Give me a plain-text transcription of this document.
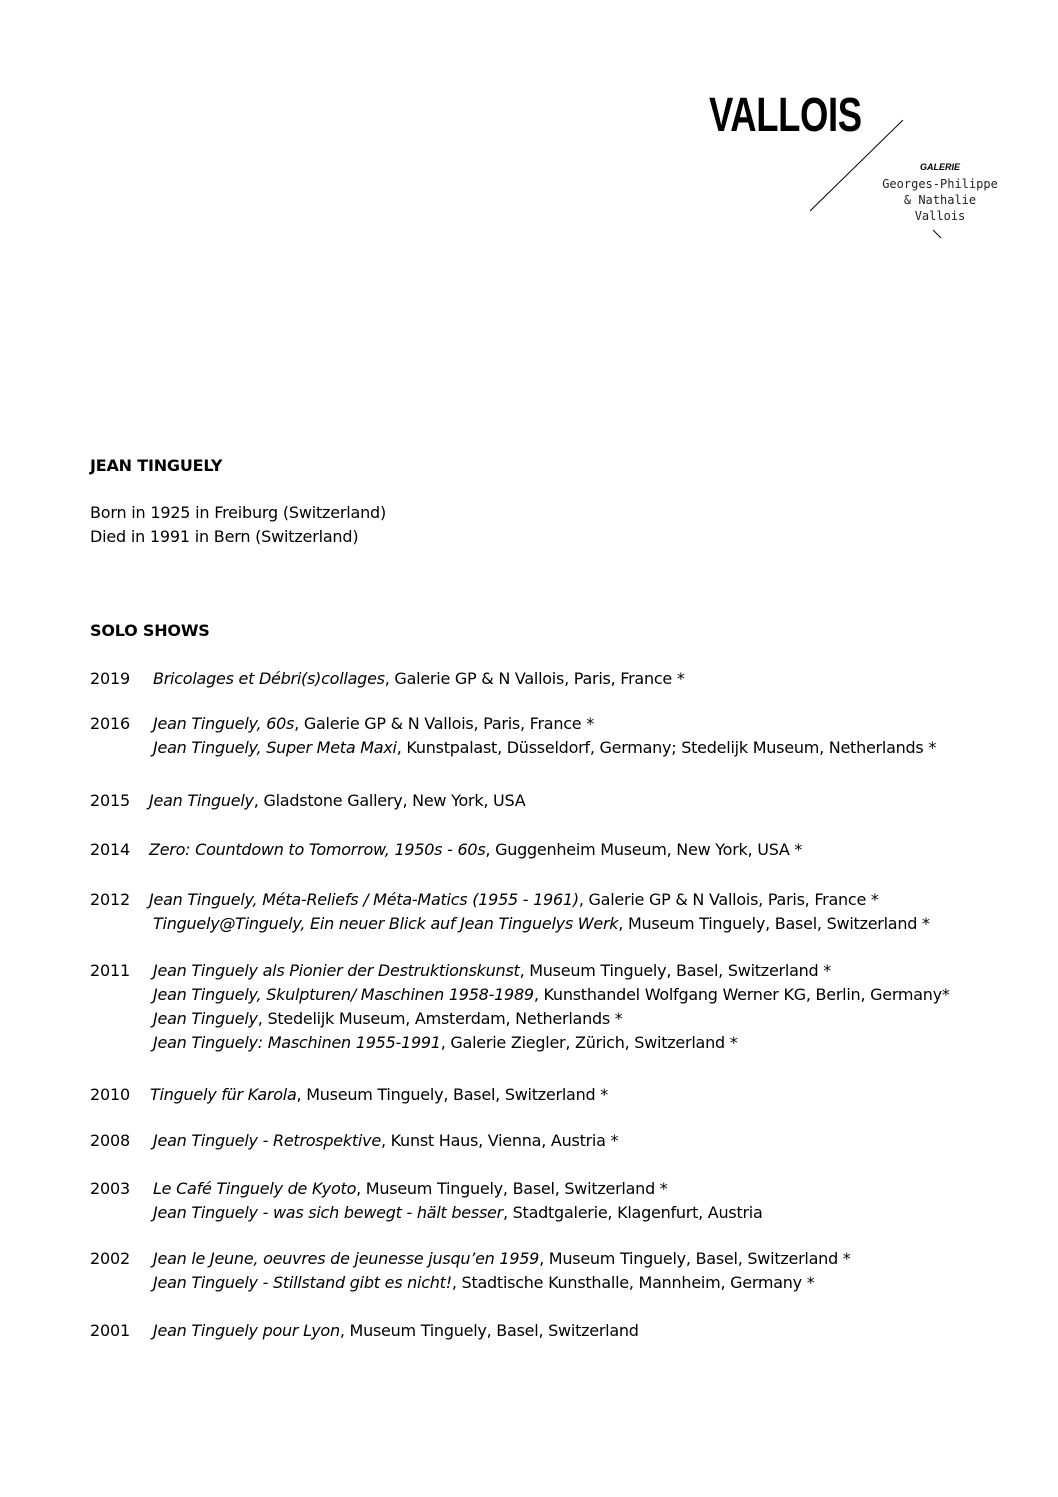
VALLOIS
GALERIE
Georges-Philippe
& Nathalie
Vallois
JEAN TINGUELY
Born in 1925 in Freiburg (Switzerland)
Died in 1991 in Bern (Switzerland)
SOLO SHOWS
2019 Bricolages et Débri(s)collages, Galerie GP & N Vallois, Paris, France *
2016 Jean Tinguely, 60s, Galerie GP & N Vallois, Paris, France *
Jean Tinguely, Super Meta Maxi, Kunstpalast, Düsseldorf, Germany; Stedelijk Museum, Netherlands *
2015 Jean Tinguely, Gladstone Gallery, New York, USA
2014 Zero: Countdown to Tomorrow, 1950s - 60s, Guggenheim Museum, New York, USA *
2012 Jean Tinguely, Méta-Reliefs / Méta-Matics (1955 - 1961), Galerie GP & N Vallois, Paris, France *
Tinguely@Tinguely, Ein neuer Blick auf Jean Tinguelys Werk, Museum Tinguely, Basel, Switzerland *
2011 Jean Tinguely als Pionier der Destruktionskunst, Museum Tinguely, Basel, Switzerland *
Jean Tinguely, Skulpturen/ Maschinen 1958-1989, Kunsthandel Wolfgang Werner KG, Berlin, Germany*
Jean Tinguely, Stedelijk Museum, Amsterdam, Netherlands *
Jean Tinguely: Maschinen 1955-1991, Galerie Ziegler, Zürich, Switzerland *
2010 Tinguely für Karola, Museum Tinguely, Basel, Switzerland *
2008 Jean Tinguely - Retrospektive, Kunst Haus, Vienna, Austria *
2003 Le Café Tinguely de Kyoto, Museum Tinguely, Basel, Switzerland *
Jean Tinguely - was sich bewegt - hält besser, Stadtgalerie, Klagenfurt, Austria
2002 Jean le Jeune, oeuvres de jeunesse jusqu’en 1959, Museum Tinguely, Basel, Switzerland *
Jean Tinguely - Stillstand gibt es nicht!, Stadtische Kunsthalle, Mannheim, Germany *
2001 Jean Tinguely pour Lyon, Museum Tinguely, Basel, Switzerland
